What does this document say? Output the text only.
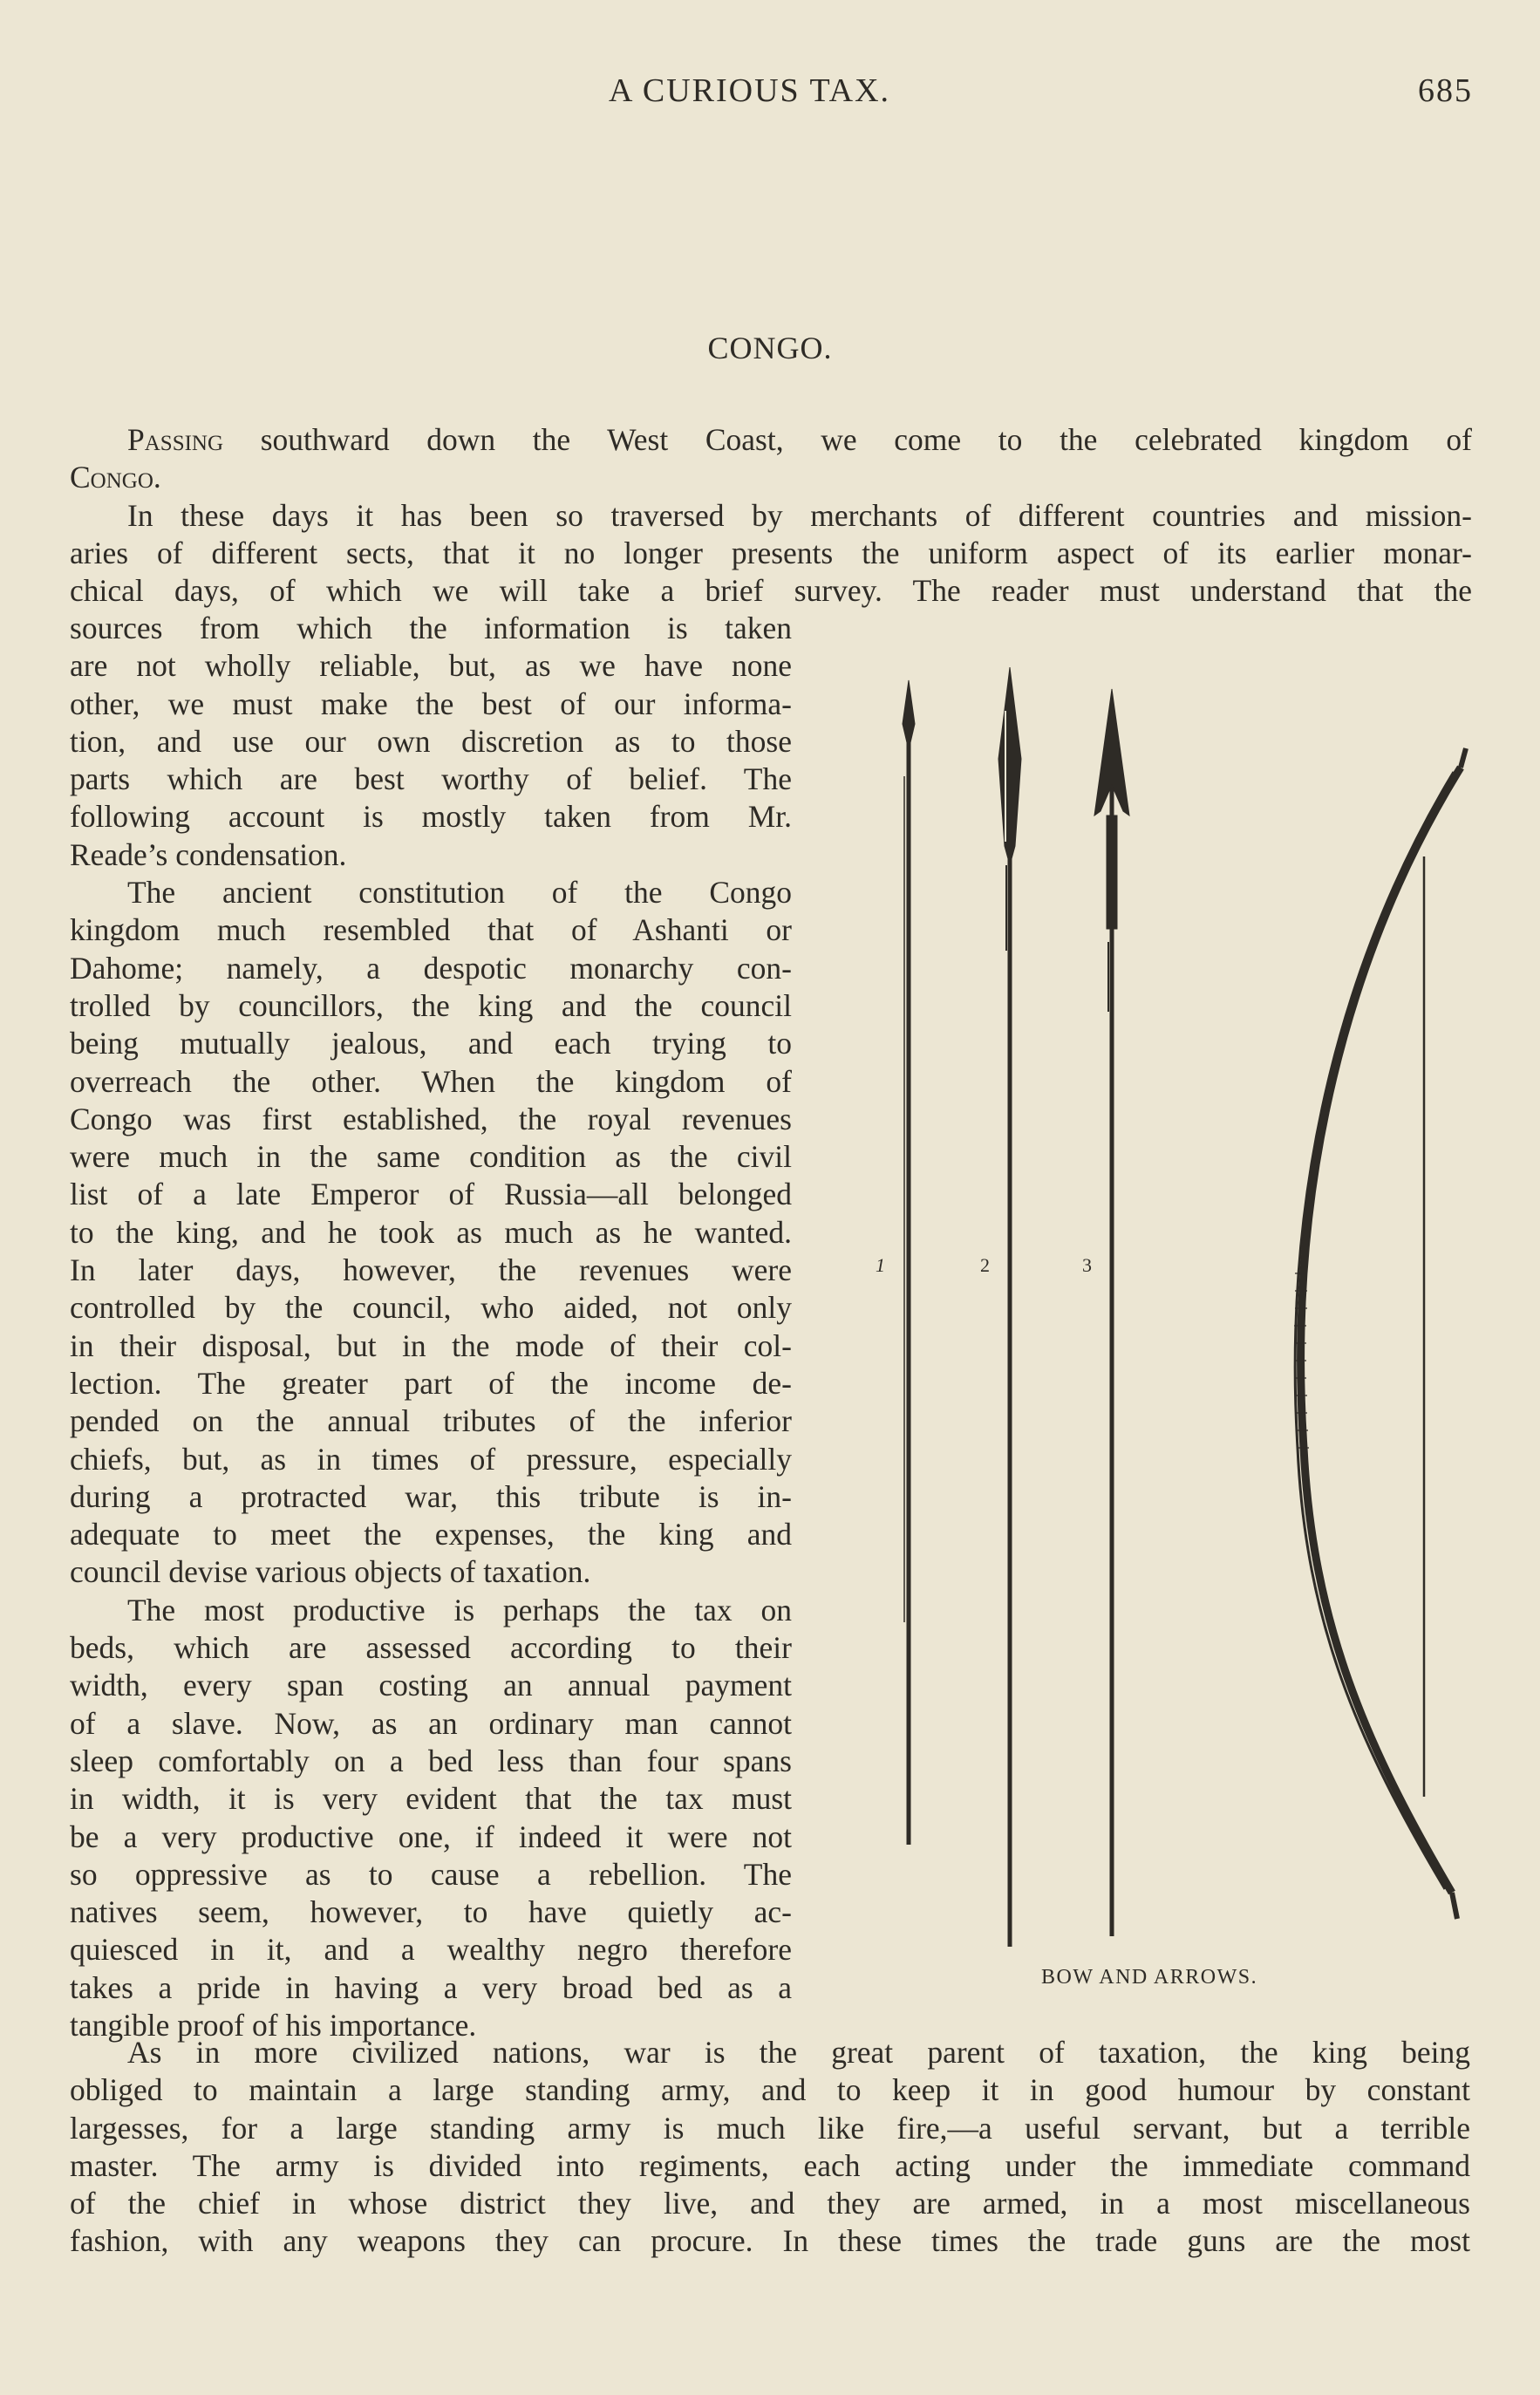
A CURIOUS TAX.	685
CONGO.
Passing southward down the West Coast, we come to the celebrated kingdom of
Congo.
In these days it has been so traversed by merchants of different countries and mission-
aries of different sects, that it no longer presents the uniform aspect of its earlier monar-
chical days, of which we will take a brief survey. The reader must understand that the
sources from which the information is taken
are not wholly reliable, but, as we have none
other, we must make the best of our informa-
tion, and use our own discretion as to those
parts which are best worthy of belief. The
following account is mostly taken from Mr.
Reade’s condensation.
The ancient constitution of the Congo
kingdom much resembled that of Ashanti or
Dahome; namely, a despotic monarchy con-
trolled by councillors, the king and the council
being mutually jealous, and each trying to
overreach the other. When the kingdom of
Congo was first established, the royal revenues
were much in the same condition as the civil
list of a late Emperor of Russia—all belonged
to the king, and he took as much as he wanted.
In later days, however, the revenues were
controlled by the council, who aided, not only
in their disposal, but in the mode of their col-
lection. The greater part of the income de-
pended on the annual tributes of the inferior
chiefs, but, as in times of pressure, especially
during a protracted war, this tribute is in-
adequate to meet the expenses, the king and
council devise various objects of taxation.
The most productive is perhaps the tax on
beds, which are assessed according to their
width, every span costing an annual payment
of a slave. Now, as an ordinary man cannot
sleep comfortably on a bed less than four spans
in width, it is very evident that the tax must
be a very productive one, if indeed it were not
so oppressive as to cause a rebellion. The
natives seem, however, to have quietly ac-
quiesced in it, and a wealthy negro therefore
takes a pride in having a very broad bed as a
tangible proof of his importance.
1	2	3
BOW AND ARROWS.
As in more civilized nations, war is the great parent of taxation, the king being
obliged to maintain a large standing army, and to keep it in good humour by constant
largesses, for a large standing army is much like fire,—a useful servant, but a terrible
master. The army is divided into regiments, each acting under the immediate command
of the chief in whose district they live, and they are armed, in a most miscellaneous
fashion, with any weapons they can procure. In these times the trade guns are the most
